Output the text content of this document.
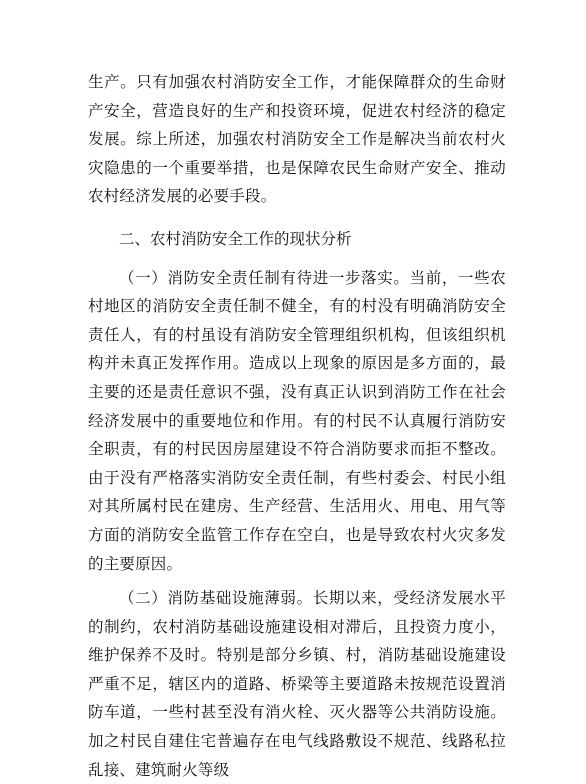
生产。只有加强农村消防安全工作，才能保障群众的生命财产安全，营造良好的生产和投资环境，促进农村经济的稳定发展。综上所述，加强农村消防安全工作是解决当前农村火灾隐患的一个重要举措，也是保障农民生命财产安全、推动农村经济发展的必要手段。

二、农村消防安全工作的现状分析

（一）消防安全责任制有待进一步落实。当前，一些农村地区的消防安全责任制不健全，有的村没有明确消防安全责任人，有的村虽设有消防安全管理组织机构，但该组织机构并未真正发挥作用。造成以上现象的原因是多方面的，最主要的还是责任意识不强，没有真正认识到消防工作在社会经济发展中的重要地位和作用。有的村民不认真履行消防安全职责，有的村民因房屋建设不符合消防要求而拒不整改。由于没有严格落实消防安全责任制，有些村委会、村民小组对其所属村民在建房、生产经营、生活用火、用电、用气等方面的消防安全监管工作存在空白，也是导致农村火灾多发的主要原因。

（二）消防基础设施薄弱。长期以来，受经济发展水平的制约，农村消防基础设施建设相对滞后，且投资力度小，维护保养不及时。特别是部分乡镇、村，消防基础设施建设严重不足，辖区内的道路、桥梁等主要道路未按规范设置消防车道，一些村甚至没有消火栓、灭火器等公共消防设施。加之村民自建住宅普遍存在电气线路敷设不规范、线路私拉乱接、建筑耐火等级
